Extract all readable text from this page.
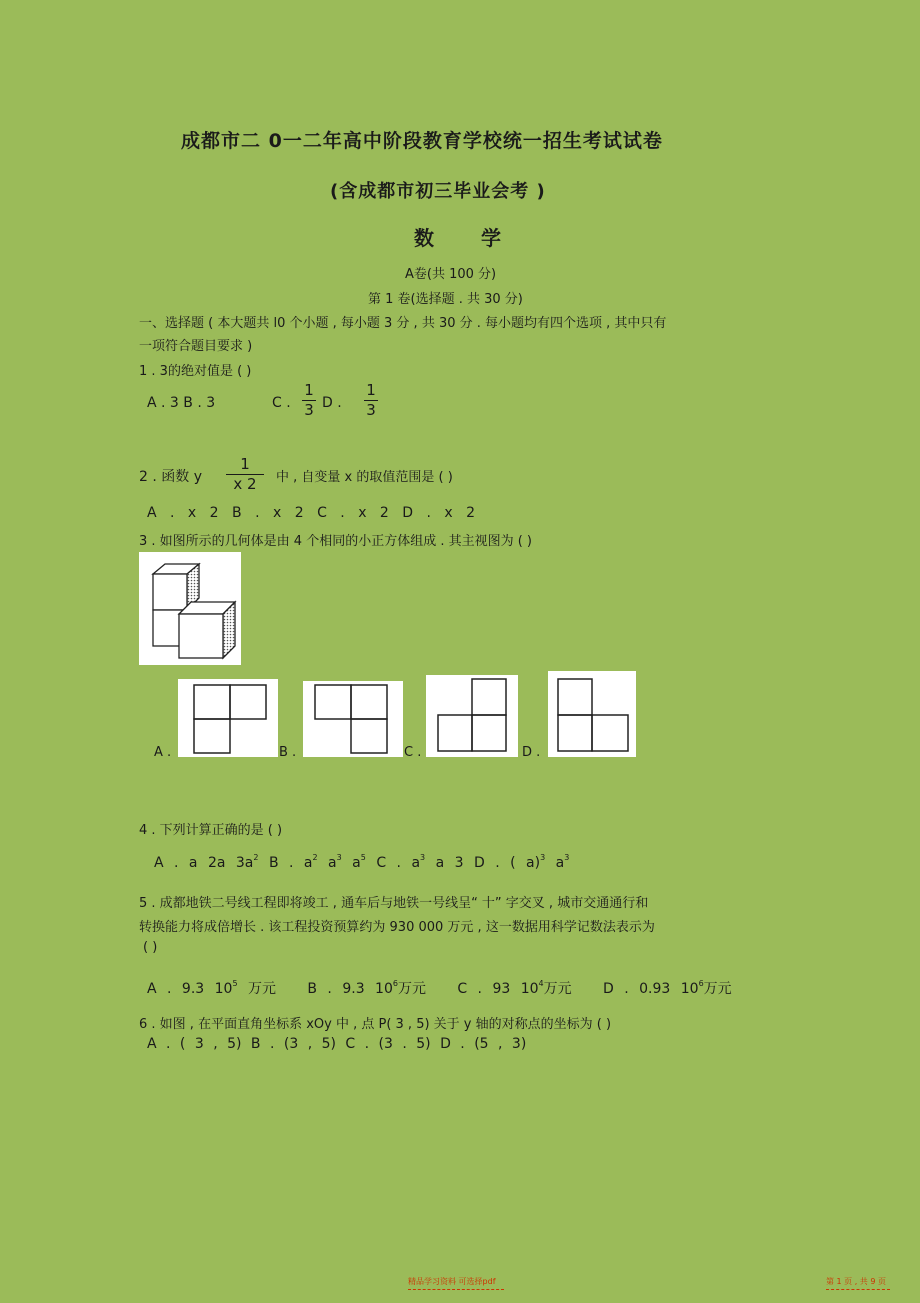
成都市二 0一二年高中阶段教育学校统一招生考试试卷
(含成都市初三毕业会考 )
数 学
A卷(共 100 分)
第 1 卷(选择题 . 共 30 分)
一、选择题 ( 本大题共 l0 个小题 , 每小题 3 分 , 共 30 分 . 每小题均有四个选项 , 其中只有
一项符合题目要求 )
1 . 3的绝对值是 ( )
A . 3 B . 3	C .
1
3 D .
1
3
2 . 函数 y
1
x 2	中 , 自变量 x 的取值范围是 ( )
A . x 2 B . x 2 C . x 2 D . x 2
3 . 如图所示的几何体是由 4 个相同的小正方体组成 . 其主视图为 ( )
A .	B .	C .	D .
4 . 下列计算正确的是 ( )
A . a 2a $3a^2$ B . $a^2$ $a^3$ $a^5$ C . $a^3$ a 3 D . ( a)$^3$ $a^3$
5 . 成都地铁二号线工程即将竣工 , 通车后与地铁一号线呈“ 十” 字交叉 , 城市交通通行和
转换能力将成倍增长 . 该工程投资预算约为 930 000 万元 , 这一数据用科学记数法表示为
( )
A . 9.3 $10^5$ 万元 B . 9.3 $10^6$万元 C . 93 $10^4$万元 D . 0.93 $10^6$万元
6 . 如图 , 在平面直角坐标系 xOy 中 , 点 P( 3 , 5) 关于 y 轴的对称点的坐标为 ( )
A . ( 3 , 5) B . (3 , 5) C . (3 . 5) D . (5 , 3)
精品学习资料 可选择pdf	第 1 页 , 共 9 页
